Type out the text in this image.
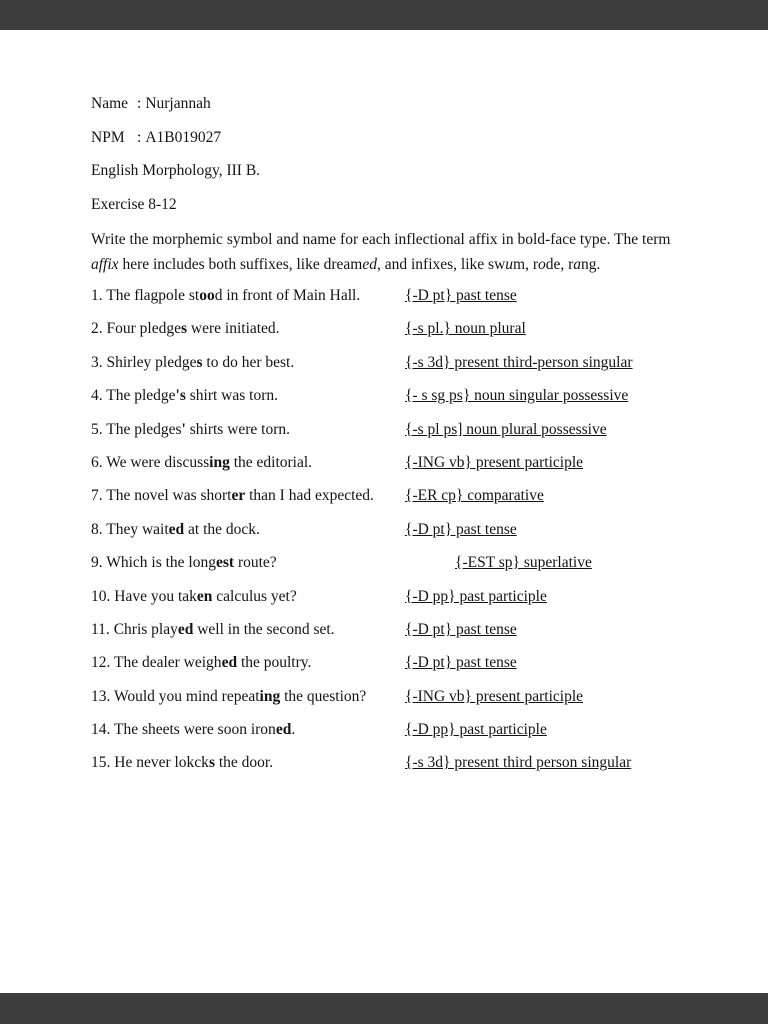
Name : Nurjannah

NPM : A1B019027

English Morphology, III B.

Exercise 8-12

Write the morphemic symbol and name for each inflectional affix in bold-face type. The term affix here includes both suffixes, like dreamed, and infixes, like swum, rode, rang.

1. The flagpole stood in front of Main Hall.	{-D pt} past tense
2. Four pledges were initiated.	{-s pl.} noun plural
3. Shirley pledges to do her best.	{-s 3d} present third-person singular
4. The pledge's shirt was torn.	{- s sg ps} noun singular possessive
5. The pledges' shirts were torn.	{-s pl ps] noun plural possessive
6. We were discussing the editorial.	{-ING vb} present participle
7. The novel was shorter than I had expected.	{-ER cp} comparative
8. They waited at the dock.	{-D pt} past tense
9. Which is the longest route?	{-EST sp} superlative
10. Have you taken calculus yet?	{-D pp} past participle
11. Chris played well in the second set.	{-D pt} past tense
12. The dealer weighed the poultry.	{-D pt} past tense
13. Would you mind repeating the question?	{-ING vb} present participle
14. The sheets were soon ironed.	{-D pp} past participle
15. He never lokcks the door.	{-s 3d} present third person singular
